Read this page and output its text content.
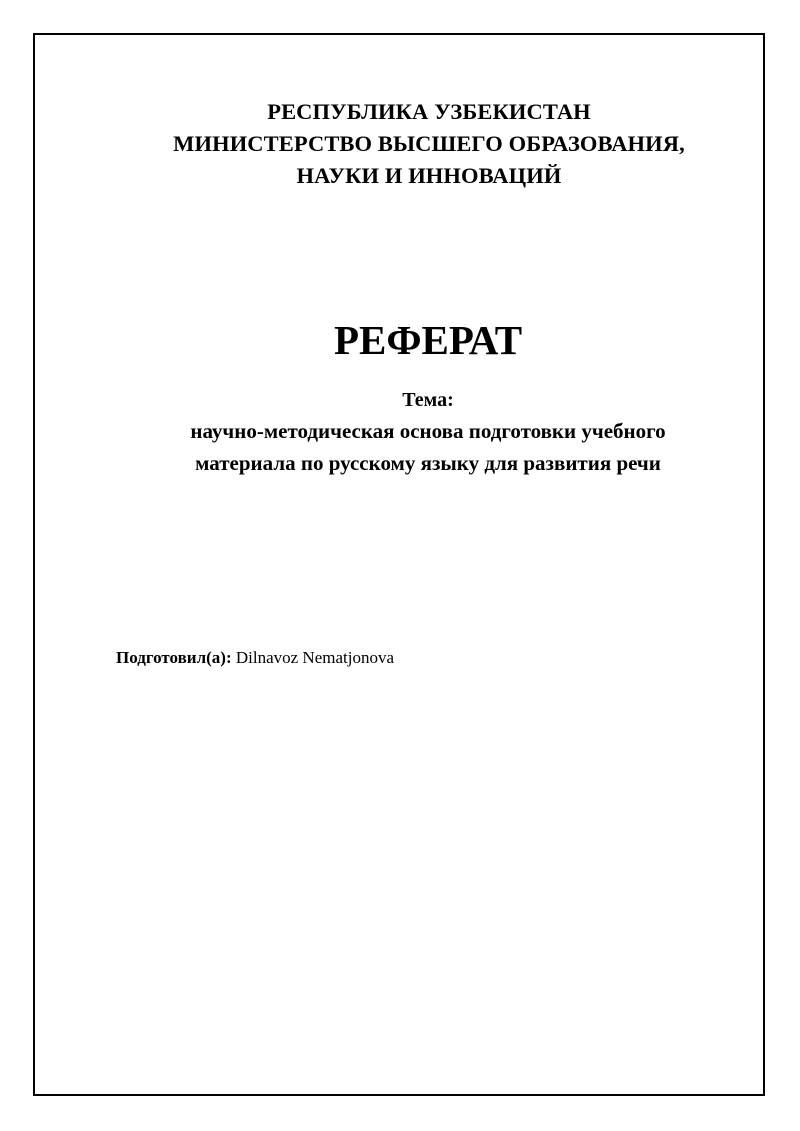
РЕСПУБЛИКА УЗБЕКИСТАН
МИНИСТЕРСТВО ВЫСШЕГО ОБРАЗОВАНИЯ,
НАУКИ И ИННОВАЦИЙ
РЕФЕРАТ
Тема:
научно-методическая основа подготовки учебного
материала по русскому языку для развития речи
Подготовил(а): Dilnavoz Nematjonova
